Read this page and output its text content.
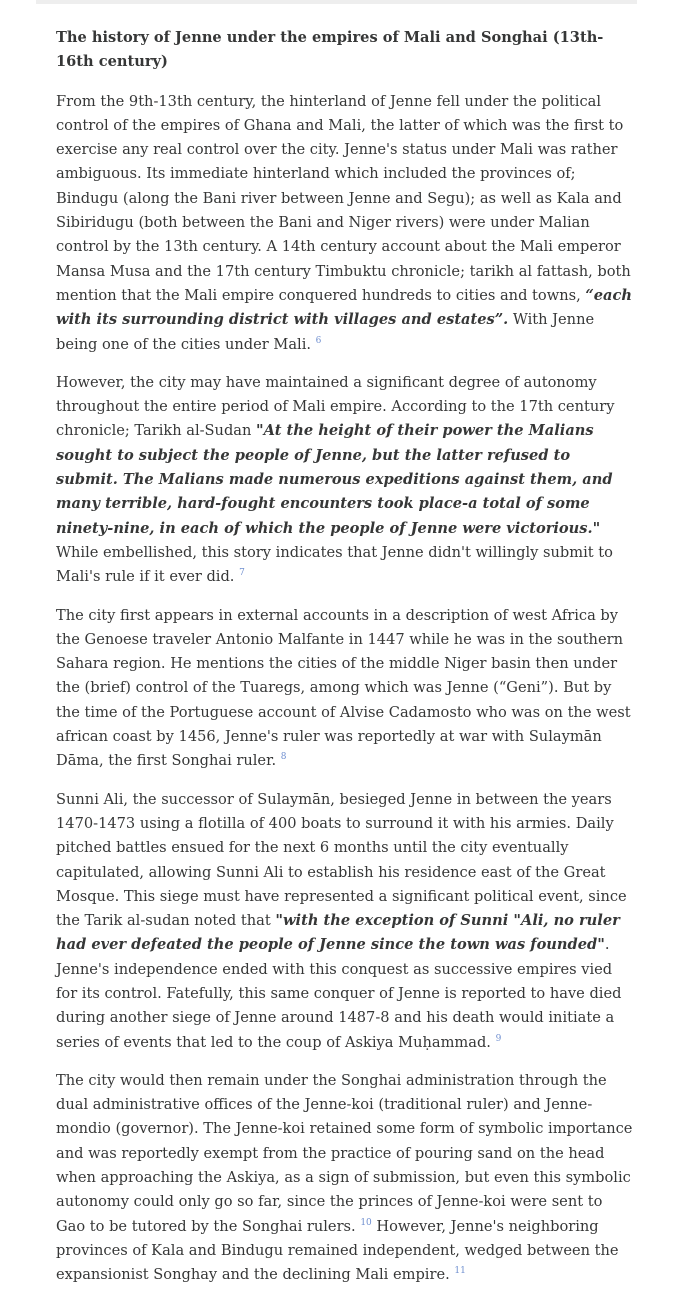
The history of Jenne under the empires of Mali and Songhai (13th-16th century)

From the 9th-13th century, the hinterland of Jenne fell under the political control of the empires of Ghana and Mali, the latter of which was the first to exercise any real control over the city. Jenne's status under Mali was rather ambiguous. Its immediate hinterland which included the provinces of; Bindugu (along the Bani river between Jenne and Segu); as well as Kala and Sibiridugu (both between the Bani and Niger rivers) were under Malian control by the 13th century. A 14th century account about the Mali emperor Mansa Musa and the 17th century Timbuktu chronicle; tarikh al fattash, both mention that the Mali empire conquered hundreds to cities and towns, “each with its surrounding district with villages and estates”. With Jenne being one of the cities under Mali. $^6$

However, the city may have maintained a significant degree of autonomy throughout the entire period of Mali empire. According to the 17th century chronicle; Tarikh al-Sudan "At the height of their power the Malians sought to subject the people of Jenne, but the latter refused to submit. The Malians made numerous expeditions against them, and many terrible, hard-fought encounters took place-a total of some ninety-nine, in each of which the people of Jenne were victorious." While embellished, this story indicates that Jenne didn't willingly submit to Mali's rule if it ever did. $^7$

The city first appears in external accounts in a description of west Africa by the Genoese traveler Antonio Malfante in 1447 while he was in the southern Sahara region. He mentions the cities of the middle Niger basin then under the (brief) control of the Tuaregs, among which was Jenne (“Geni”). But by the time of the Portuguese account of Alvise Cadamosto who was on the west african coast by 1456, Jenne's ruler was reportedly at war with Sulaymān Dāma, the first Songhai ruler. $^8$

Sunni Ali, the successor of Sulaymān, besieged Jenne in between the years 1470-1473 using a flotilla of 400 boats to surround it with his armies. Daily pitched battles ensued for the next 6 months until the city eventually capitulated, allowing Sunni Ali to establish his residence east of the Great Mosque. This siege must have represented a significant political event, since the Tarik al-sudan noted that "with the exception of Sunni "Ali, no ruler had ever defeated the people of Jenne since the town was founded". Jenne's independence ended with this conquest as successive empires vied for its control. Fatefully, this same conquer of Jenne is reported to have died during another siege of Jenne around 1487-8 and his death would initiate a series of events that led to the coup of Askiya Muḥammad. $^9$

The city would then remain under the Songhai administration through the dual administrative offices of the Jenne-koi (traditional ruler) and Jenne-mondio (governor). The Jenne-koi retained some form of symbolic importance and was reportedly exempt from the practice of pouring sand on the head when approaching the Askiya, as a sign of submission, but even this symbolic autonomy could only go so far, since the princes of Jenne-koi were sent to Gao to be tutored by the Songhai rulers. $^{10}$ However, Jenne's neighboring provinces of Kala and Bindugu remained independent, wedged between the expansionist Songhay and the declining Mali empire. $^{11}$
